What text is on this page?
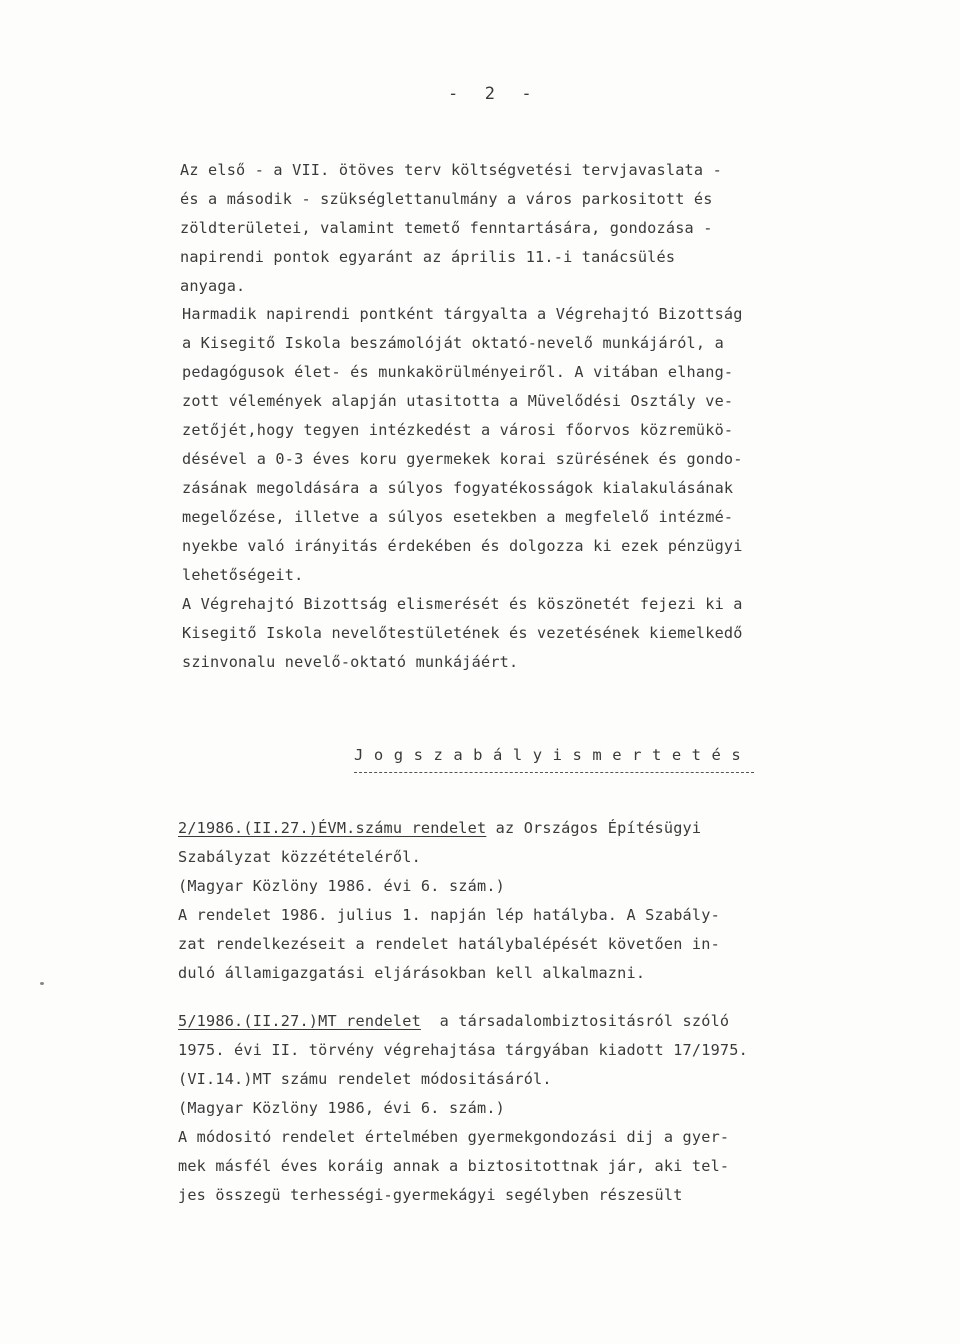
-  2  -
Az első - a VII. ötöves terv költségvetési tervjavaslata -
és a második - szükséglettanulmány a város parkositott és
zöldterületei, valamint temető fenntartására, gondozása -
napirendi pontok egyaránt az április 11.-i tanácsülés
anyaga.
Harmadik napirendi pontként tárgyalta a Végrehajtó Bizottság
a Kisegitő Iskola beszámolóját oktató-nevelő munkájáról, a
pedagógusok élet- és munkakörülményeiről. A vitában elhang-
zott vélemények alapján utasitotta a Müvelődési Osztály ve-
zetőjét,hogy tegyen intézkedést a városi főorvos közremükö-
désével a 0-3 éves koru gyermekek korai szürésének és gondo-
zásának megoldására a súlyos fogyatékosságok kialakulásának
megelőzése, illetve a súlyos esetekben a megfelelő intézmé-
nyekbe való irányitás érdekében és dolgozza ki ezek pénzügyi
lehetőségeit.
A Végrehajtó Bizottság elismerését és köszönetét fejezi ki a
Kisegitő Iskola nevelőtestületének és vezetésének kiemelkedő
szinvonalu nevelő-oktató munkájáért.
J o g s z a b á l y i s m e r t e t é s
2/1986.(II.27.)ÉVM.számu rendelet az Országos Építésügyi
Szabályzat közzétételéről.
(Magyar Közlöny 1986. évi 6. szám.)
A rendelet 1986. julius 1. napján lép hatályba. A Szabály-
zat rendelkezéseit a rendelet hatálybalépését követően in-
duló államigazgatási eljárásokban kell alkalmazni.
5/1986.(II.27.)MT rendelet  a társadalombiztositásról szóló
1975. évi II. törvény végrehajtása tárgyában kiadott 17/1975.
(VI.14.)MT számu rendelet módositásáról.
(Magyar Közlöny 1986, évi 6. szám.)
A módositó rendelet értelmében gyermekgondozási dij a gyer-
mek másfél éves koráig annak a biztositottnak jár, aki tel-
jes összegü terhességi-gyermekágyi segélyben részesült
